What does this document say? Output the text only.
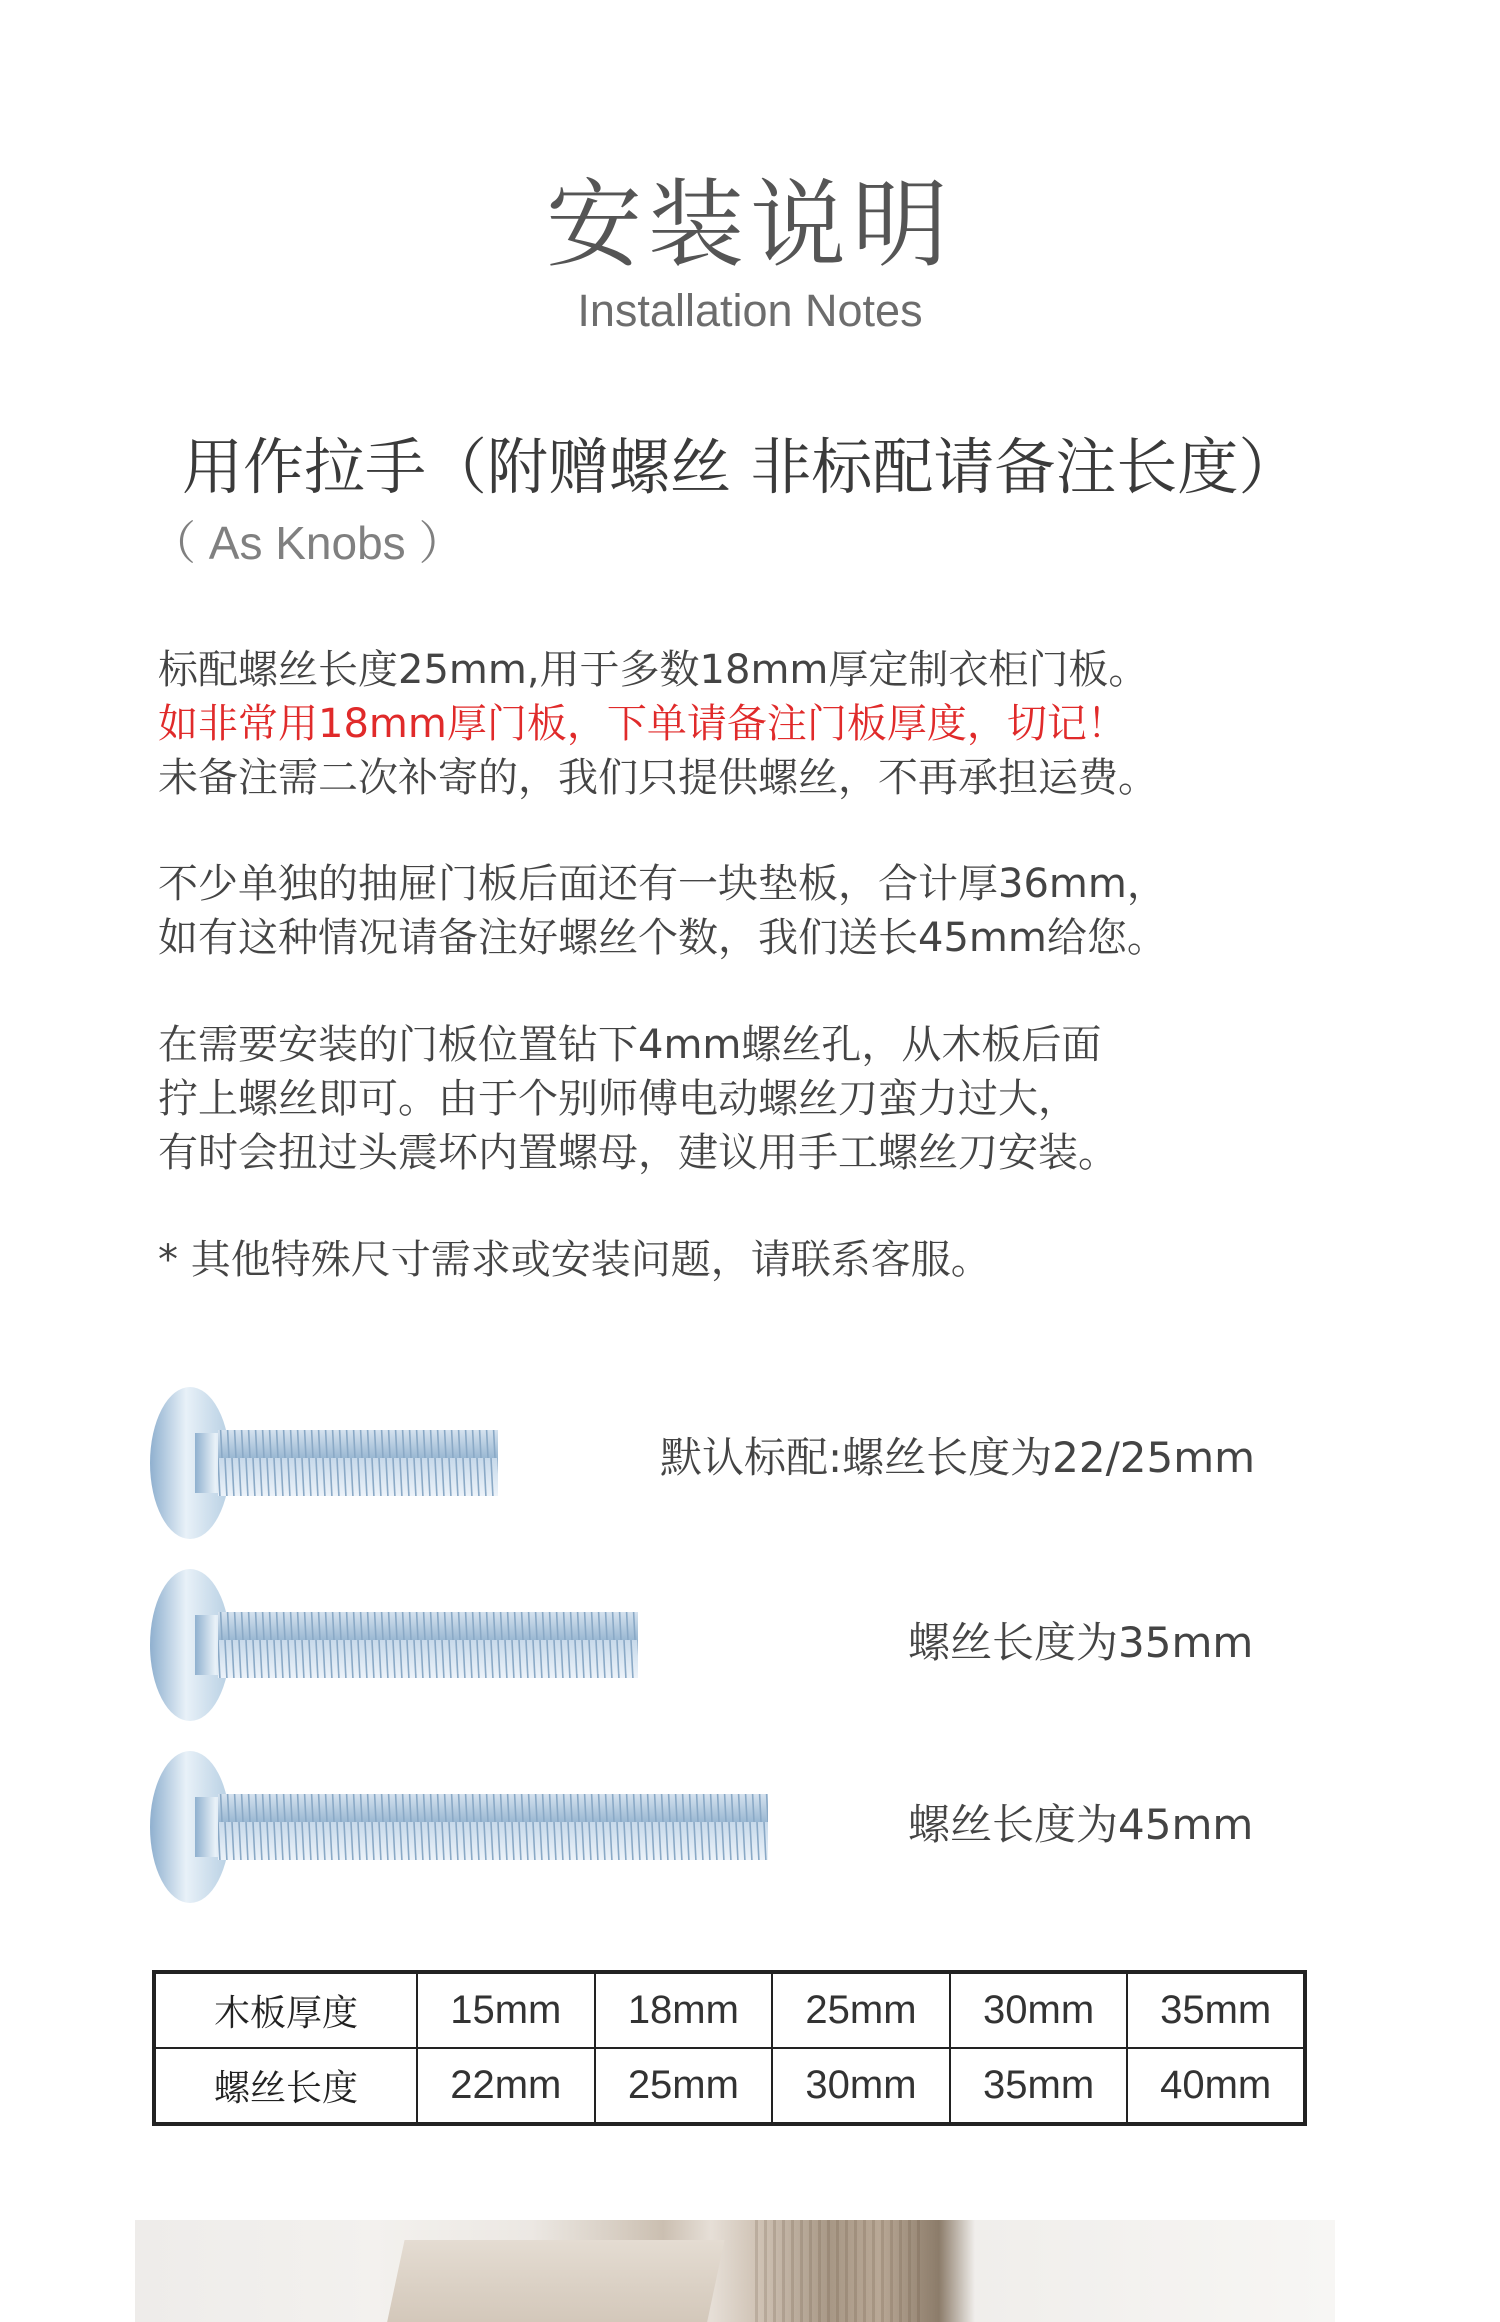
安装说明
Installation Notes
用作拉手（附赠螺丝 非标配请备注长度）
（ As Knobs ）
标配螺丝长度25mm,用于多数18mm厚定制衣柜门板。
如非常用18mm厚门板，下单请备注门板厚度，切记！
未备注需二次补寄的，我们只提供螺丝，不再承担运费。
不少单独的抽屉门板后面还有一块垫板，合计厚36mm，
如有这种情况请备注好螺丝个数，我们送长45mm给您。
在需要安装的门板位置钻下4mm螺丝孔，从木板后面
拧上螺丝即可。由于个别师傅电动螺丝刀蛮力过大，
有时会扭过头震坏内置螺母，建议用手工螺丝刀安装。
* 其他特殊尺寸需求或安装问题，请联系客服。
默认标配:螺丝长度为22/25mm
螺丝长度为35mm
螺丝长度为45mm
木板厚度	15mm	18mm	25mm	30mm	35mm
螺丝长度	22mm	25mm	30mm	35mm	40mm
